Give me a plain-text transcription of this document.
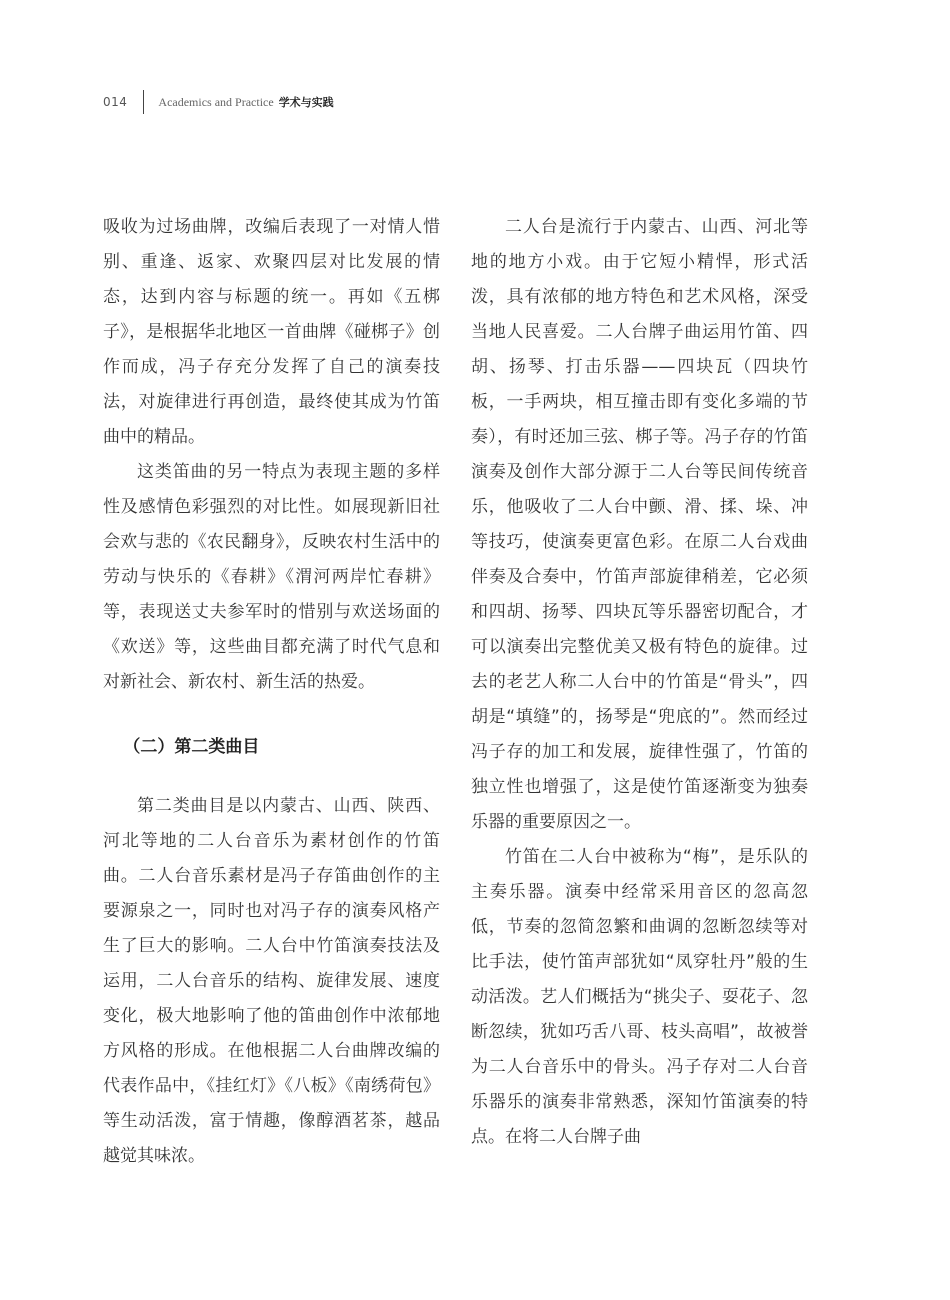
014	Academics and Practice 学术与实践

吸收为过场曲牌，改编后表现了一对情人惜别、重逢、返家、欢聚四层对比发展的情态，达到内容与标题的统一。再如《五梆子》，是根据华北地区一首曲牌《碰梆子》创作而成，冯子存充分发挥了自己的演奏技法，对旋律进行再创造，最终使其成为竹笛曲中的精品。

这类笛曲的另一特点为表现主题的多样性及感情色彩强烈的对比性。如展现新旧社会欢与悲的《农民翻身》，反映农村生活中的劳动与快乐的《春耕》《渭河两岸忙春耕》等，表现送丈夫参军时的惜别与欢送场面的《欢送》等，这些曲目都充满了时代气息和对新社会、新农村、新生活的热爱。

（二）第二类曲目

第二类曲目是以内蒙古、山西、陕西、河北等地的二人台音乐为素材创作的竹笛曲。二人台音乐素材是冯子存笛曲创作的主要源泉之一，同时也对冯子存的演奏风格产生了巨大的影响。二人台中竹笛演奏技法及运用，二人台音乐的结构、旋律发展、速度变化，极大地影响了他的笛曲创作中浓郁地方风格的形成。在他根据二人台曲牌改编的代表作品中，《挂红灯》《八板》《南绣荷包》等生动活泼，富于情趣，像醇酒茗茶，越品越觉其味浓。

二人台是流行于内蒙古、山西、河北等地的地方小戏。由于它短小精悍，形式活泼，具有浓郁的地方特色和艺术风格，深受当地人民喜爱。二人台牌子曲运用竹笛、四胡、扬琴、打击乐器——四块瓦（四块竹板，一手两块，相互撞击即有变化多端的节奏），有时还加三弦、梆子等。冯子存的竹笛演奏及创作大部分源于二人台等民间传统音乐，他吸收了二人台中颤、滑、揉、垛、冲等技巧，使演奏更富色彩。在原二人台戏曲伴奏及合奏中，竹笛声部旋律稍差，它必须和四胡、扬琴、四块瓦等乐器密切配合，才可以演奏出完整优美又极有特色的旋律。过去的老艺人称二人台中的竹笛是“骨头”，四胡是“填缝”的，扬琴是“兜底的”。然而经过冯子存的加工和发展，旋律性强了，竹笛的独立性也增强了，这是使竹笛逐渐变为独奏乐器的重要原因之一。

竹笛在二人台中被称为“梅”，是乐队的主奏乐器。演奏中经常采用音区的忽高忽低，节奏的忽简忽繁和曲调的忽断忽续等对比手法，使竹笛声部犹如“凤穿牡丹”般的生动活泼。艺人们概括为“挑尖子、耍花子、忽断忽续，犹如巧舌八哥、枝头高唱”，故被誉为二人台音乐中的骨头。冯子存对二人台音乐器乐的演奏非常熟悉，深知竹笛演奏的特点。在将二人台牌子曲
